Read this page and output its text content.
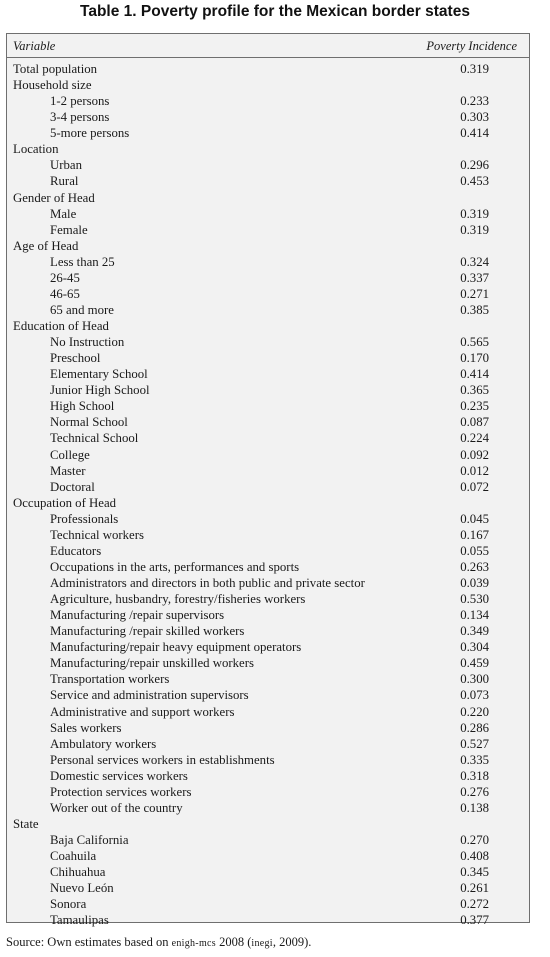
Table 1. Poverty profile for the Mexican border states
Variable	Poverty Incidence
Total population	0.319
Household size
1-2 persons	0.233
3-4 persons	0.303
5-more persons	0.414
Location
Urban	0.296
Rural	0.453
Gender of Head
Male	0.319
Female	0.319
Age of Head
Less than 25	0.324
26-45	0.337
46-65	0.271
65 and more	0.385
Education of Head
No Instruction	0.565
Preschool	0.170
Elementary School	0.414
Junior High School	0.365
High School	0.235
Normal School	0.087
Technical School	0.224
College	0.092
Master	0.012
Doctoral	0.072
Occupation of Head
Professionals	0.045
Technical workers	0.167
Educators	0.055
Occupations in the arts, performances and sports	0.263
Administrators and directors in both public and private sector	0.039
Agriculture, husbandry, forestry/fisheries workers	0.530
Manufacturing /repair supervisors	0.134
Manufacturing /repair skilled workers	0.349
Manufacturing/repair heavy equipment operators	0.304
Manufacturing/repair unskilled workers	0.459
Transportation workers	0.300
Service and administration supervisors	0.073
Administrative and support workers	0.220
Sales workers	0.286
Ambulatory workers	0.527
Personal services workers in establishments	0.335
Domestic services workers	0.318
Protection services workers	0.276
Worker out of the country	0.138
State
Baja California	0.270
Coahuila	0.408
Chihuahua	0.345
Nuevo León	0.261
Sonora	0.272
Tamaulipas	0.377
Source: Own estimates based on enigh-mcs 2008 (inegi, 2009).
